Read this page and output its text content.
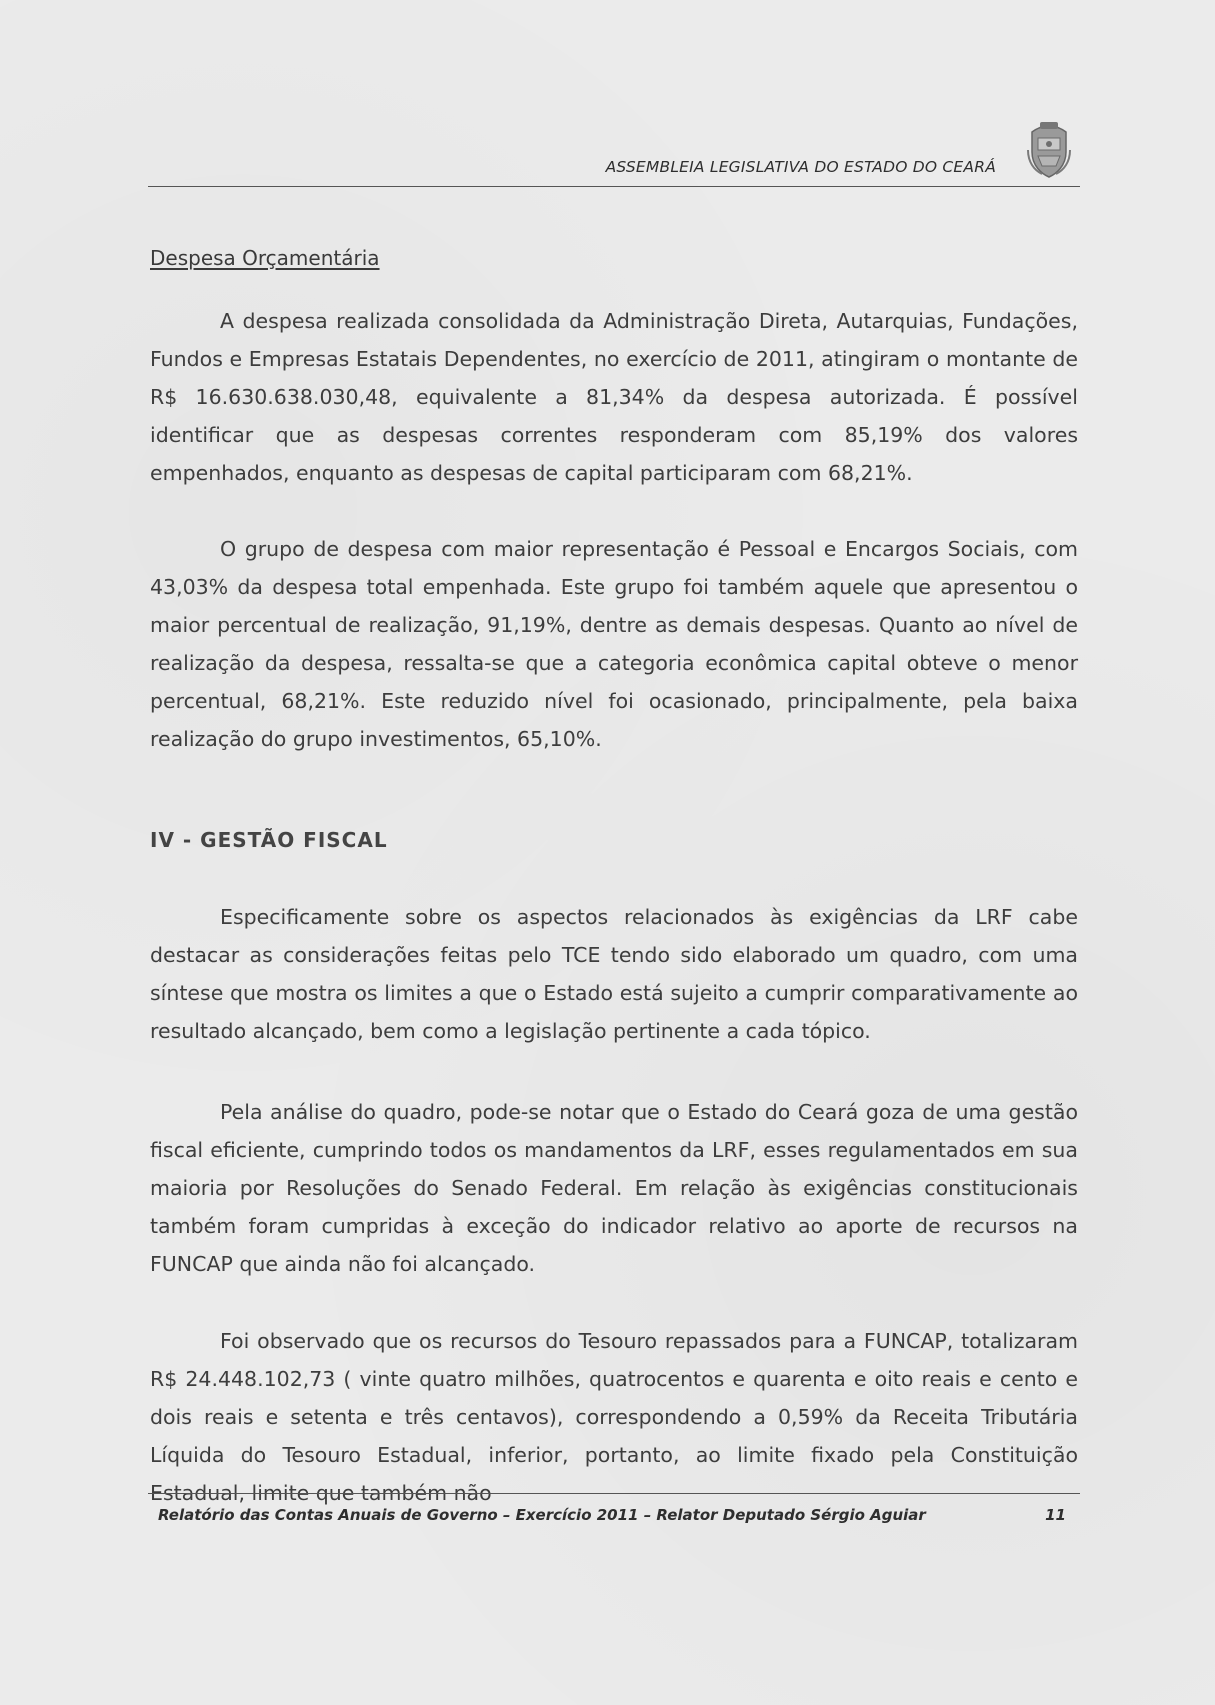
ASSEMBLEIA LEGISLATIVA DO ESTADO DO CEARÁ
Despesa Orçamentária

A despesa realizada consolidada da Administração Direta, Autarquias, Fundações, Fundos e Empresas Estatais Dependentes, no exercício de 2011, atingiram o montante de R$ 16.630.638.030,48, equivalente a 81,34% da despesa autorizada. É possível identificar que as despesas correntes responderam com 85,19% dos valores empenhados, enquanto as despesas de capital participaram com 68,21%.

O grupo de despesa com maior representação é Pessoal e Encargos Sociais, com 43,03% da despesa total empenhada. Este grupo foi também aquele que apresentou o maior percentual de realização, 91,19%, dentre as demais despesas. Quanto ao nível de realização da despesa, ressalta-se que a categoria econômica capital obteve o menor percentual, 68,21%. Este reduzido nível foi ocasionado, principalmente, pela baixa realização do grupo investimentos, 65,10%.

IV - GESTÃO FISCAL

Especificamente sobre os aspectos relacionados às exigências da LRF cabe destacar as considerações feitas pelo TCE tendo sido elaborado um quadro, com uma síntese que mostra os limites a que o Estado está sujeito a cumprir comparativamente ao resultado alcançado, bem como a legislação pertinente a cada tópico.

Pela análise do quadro, pode-se notar que o Estado do Ceará goza de uma gestão fiscal eficiente, cumprindo todos os mandamentos da LRF, esses regulamentados em sua maioria por Resoluções do Senado Federal. Em relação às exigências constitucionais também foram cumpridas à exceção do indicador relativo ao aporte de recursos na FUNCAP que ainda não foi alcançado.

Foi observado que os recursos do Tesouro repassados para a FUNCAP, totalizaram R$ 24.448.102,73 ( vinte quatro milhões, quatrocentos e quarenta e oito reais e cento e dois reais e setenta e três centavos), correspondendo a 0,59% da Receita Tributária Líquida do Tesouro Estadual, inferior, portanto, ao limite fixado pela Constituição Estadual, limite que também não

Relatório das Contas Anuais de Governo – Exercício 2011 – Relator Deputado Sérgio Aguiar	11
